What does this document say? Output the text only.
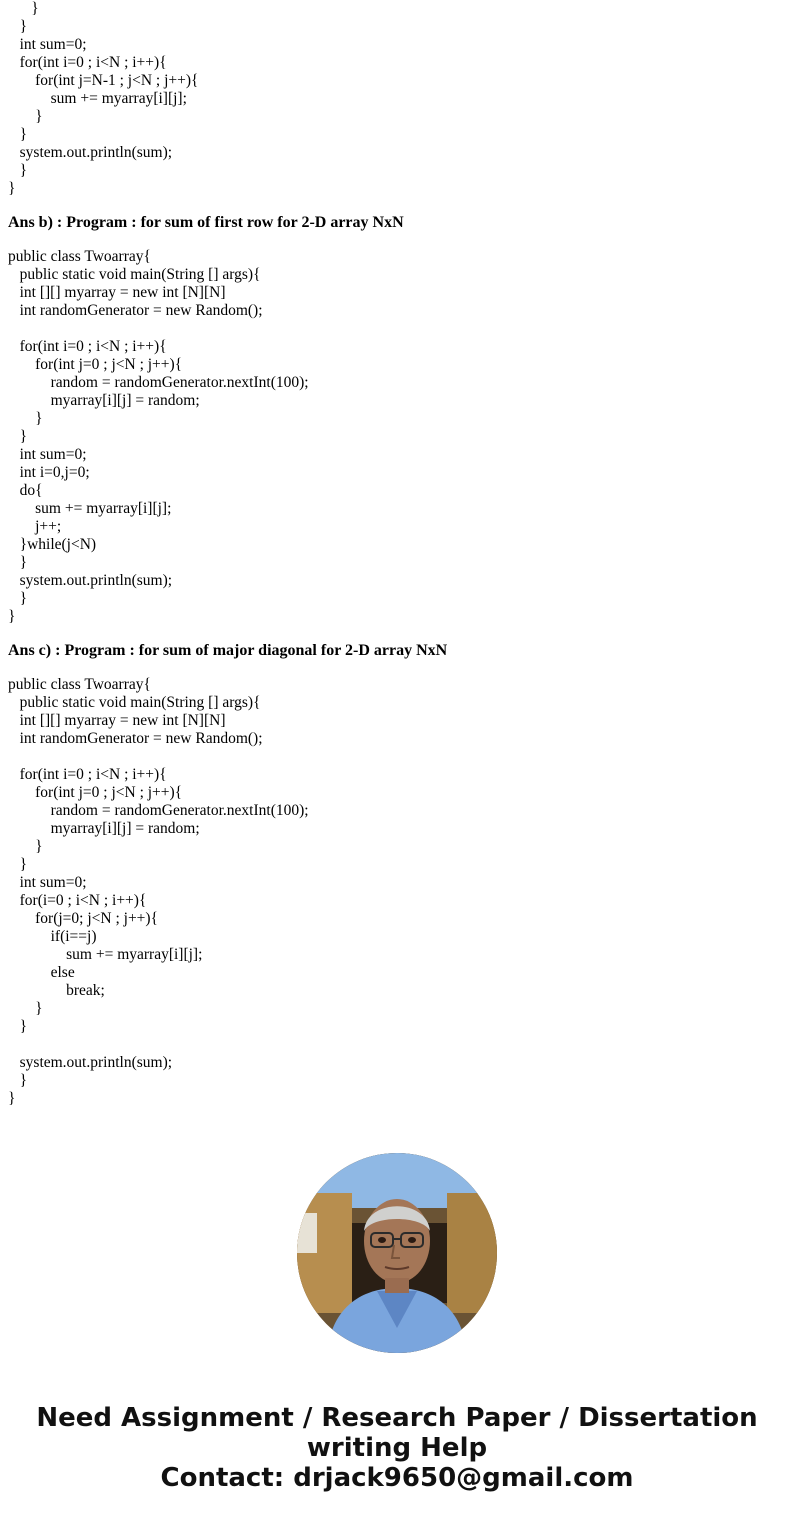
}
}
int sum=0;
for(int i=0 ; i<N ; i++){
for(int j=N-1 ; j<N ; j++){
sum += myarray[i][j];
}
}
system.out.println(sum);
}
}
Ans b) : Program : for sum of first row for 2-D array NxN
public class Twoarray{
public static void main(String [] args){
int [][] myarray = new int [N][N]
int randomGenerator = new Random();

for(int i=0 ; i<N ; i++){
for(int j=0 ; j<N ; j++){
random = randomGenerator.nextInt(100);
myarray[i][j] = random;
}
}
int sum=0;
int i=0,j=0;
do{
sum += myarray[i][j];
j++;
}while(j<N)
}
system.out.println(sum);
}
}
Ans c) : Program : for sum of major diagonal for 2-D array NxN
public class Twoarray{
public static void main(String [] args){
int [][] myarray = new int [N][N]
int randomGenerator = new Random();

for(int i=0 ; i<N ; i++){
for(int j=0 ; j<N ; j++){
random = randomGenerator.nextInt(100);
myarray[i][j] = random;
}
}
int sum=0;
for(i=0 ; i<N ; i++){
for(j=0; j<N ; j++){
if(i==j)
sum += myarray[i][j];
else
break;
}
}

system.out.println(sum);
}
}
Need Assignment / Research Paper / Dissertation
writing Help
Contact: drjack9650@gmail.com
